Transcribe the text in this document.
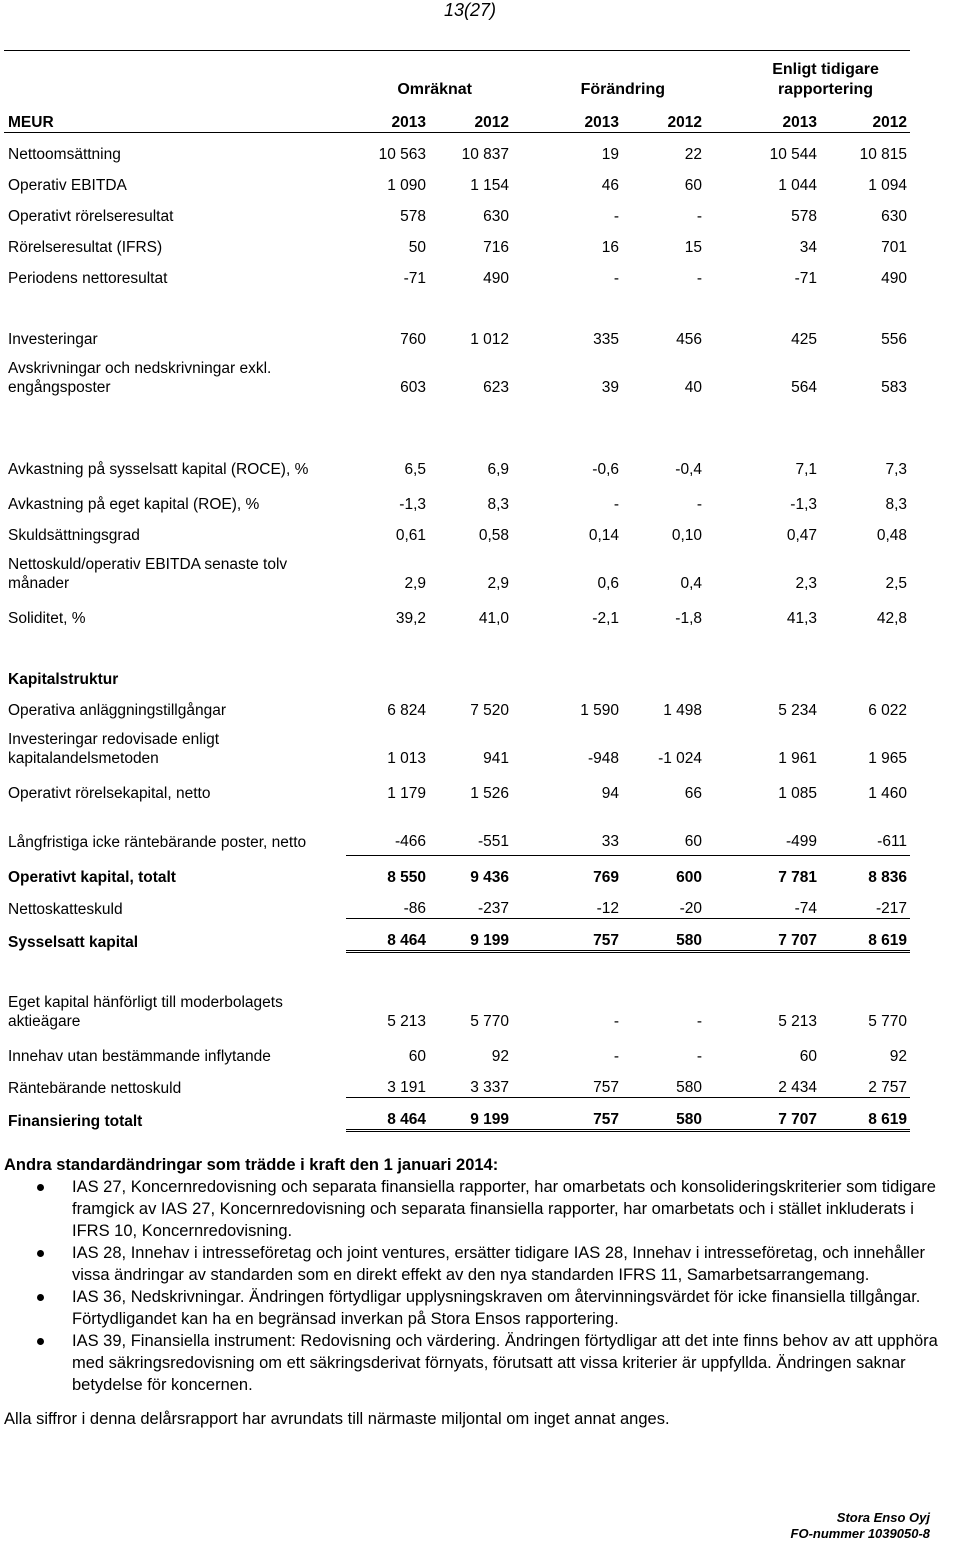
13(27)
	Omräknat		Förändring		Enligt tidigare rapportering	
MEUR	2013	2012	2013	2012	2013	2012
Nettoomsättning	10 563	10 837	19	22	10 544	10 815
Operativ EBITDA	1 090	1 154	46	60	1 044	1 094
Operativt rörelseresultat	578	630	-	-	578	630
Rörelseresultat (IFRS)	50	716	16	15	34	701
Periodens nettoresultat	-71	490	-	-	-71	490

Investeringar	760	1 012	335	456	425	556
Avskrivningar och nedskrivningar exkl. engångsposter	603	623	39	40	564	583

Avkastning på sysselsatt kapital (ROCE), %	6,5	6,9	-0,6	-0,4	7,1	7,3
Avkastning på eget kapital (ROE), %	-1,3	8,3	-	-	-1,3	8,3
Skuldsättningsgrad	0,61	0,58	0,14	0,10	0,47	0,48
Nettoskuld/operativ EBITDA senaste tolv månader	2,9	2,9	0,6	0,4	2,3	2,5
Soliditet, %	39,2	41,0	-2,1	-1,8	41,3	42,8

Kapitalstruktur						
Operativa anläggningstillgångar	6 824	7 520	1 590	1 498	5 234	6 022
Investeringar redovisade enligt kapitalandelsmetoden	1 013	941	-948	-1 024	1 961	1 965
Operativt rörelsekapital, netto	1 179	1 526	94	66	1 085	1 460
Långfristiga icke räntebärande poster, netto	-466	-551	33	60	-499	-611
Operativt kapital, totalt	8 550	9 436	769	600	7 781	8 836
Nettoskatteskuld	-86	-237	-12	-20	-74	-217
Sysselsatt kapital	8 464	9 199	757	580	7 707	8 619

Eget kapital hänförligt till moderbolagets aktieägare	5 213	5 770	-	-	5 213	5 770
Innehav utan bestämmande inflytande	60	92	-	-	60	92
Räntebärande nettoskuld	3 191	3 337	757	580	2 434	2 757
Finansiering totalt	8 464	9 199	757	580	7 707	8 619
Andra standardändringar som trädde i kraft den 1 januari 2014:
IAS 27, Koncernredovisning och separata finansiella rapporter, har omarbetats och konsolideringskriterier som tidigare framgick av IAS 27, Koncernredovisning och separata finansiella rapporter, har omarbetats och i stället inkluderats i IFRS 10, Koncernredovisning.
IAS 28, Innehav i intresseföretag och joint ventures, ersätter tidigare IAS 28, Innehav i intresseföretag, och innehåller vissa ändringar av standarden som en direkt effekt av den nya standarden IFRS 11, Samarbetsarrangemang.
IAS 36, Nedskrivningar. Ändringen förtydligar upplysningskraven om återvinningsvärdet för icke finansiella tillgångar. Förtydligandet kan ha en begränsad inverkan på Stora Ensos rapportering.
IAS 39, Finansiella instrument: Redovisning och värdering. Ändringen förtydligar att det inte finns behov av att upphöra med säkringsredovisning om ett säkringsderivat förnyats, förutsatt att vissa kriterier är uppfyllda. Ändringen saknar betydelse för koncernen.
Alla siffror i denna delårsrapport har avrundats till närmaste miljontal om inget annat anges.
Stora Enso Oyj
FO-nummer 1039050-8
